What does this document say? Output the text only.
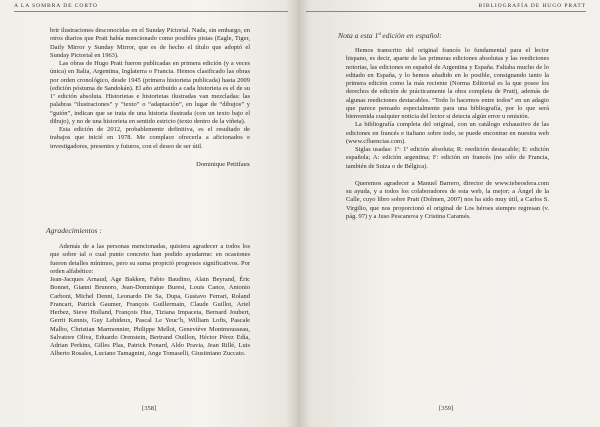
A LA SOMBRA DE CORTO

brir ilustraciones desconocidas en el Sunday Pictorial. Nada, sin embargo, en otros diarios que Pratt había mencionado como posibles pistas (Eagle, Tiger, Daily Mirror y Sunday Mirror, que es de hecho el título que adoptó el Sunday Pictorial en 1963).

Las obras de Hugo Pratt fueron publicadas en primera edición (y a veces única) en Italia, Argentina, Inglaterra o Francia. Hemos clasificado las obras por orden cronológico, desde 1945 (primera historieta publicada) hasta 2009 (edición póstuma de Sandokán). El año atribuido a cada historieta es el de su 1ª edición absoluta. Historietas e historietas ilustradas van mezcladas: las palabras “ilustraciones” y “texto” o “adaptación”, en lugar de “dibujos” y “guión”, indican que se trata de una historia ilustrada (con un texto bajo el dibujo), y no de una historieta en sentido estricto (texto dentro de la viñeta).

Esta edición de 2012, probablemente definitiva, es el resultado de trabajos que inicié en 1978. Me complace ofrecerla a aficionados e investigadores, presentes y futuros, con el deseo de ser útil.

Dominique Petitfaux

Agradecimientos :

Además de a las personas mencionadas, quisiera agradecer a todos los que sobre tal o cual punto concreto han podido ayudarme: en ocasiones fueron detalles mínimos, pero su suma propició progresos significativos. Por orden alfabético:

Jean-Jacques Arnaud, Age Bakken, Fabio Baudino, Alain Beyrand, Éric Bonnet, Gianni Brunoro, Jean-Dominique Buresi, Louis Cance, Antonio Carboni, Michel Denni, Leonardo De Sa, Dupa, Gustavo Ferrari, Roland Francart, Patrick Gaumer, François Guillermain, Claude Guillot, Ariel Herbez, Steve Holland, François Hue, Tiziana Impaceta, Bernard Joubert, Gerrit Kennis, Guy Lehideux, Pascal Le Yeuc’h, William Lofts, Pascale Malbo, Christian Marmonnier, Philippe Mellot, Geneviève Montmousseau, Salvatore Oliva, Eduardo Orenstein, Bertrand Ouillon, Héctor Pérez Edía, Adrian Perkins, Gilles Plas, Patrick Ponard, Aldo Pravia, Jean Rillé, Luis Alberto Rosales, Luciano Tamagnini, Ange Tomaselli, Giustiniano Zuccato.

[358]
BIBLIOGRAFÍA DE HUGO PRATT
Nota a esta 1ª edición en español:

Hemos transcrito del original francés lo fundamental para el lector hispano, es decir, aparte de las primeras ediciones absolutas y las reediciones notorias, las ediciones en español de Argentina y España. Faltaba mucho de lo editado en España, y lo hemos añadido en lo posible, consignando tanto la primera edición como la más reciente (Norma Editorial es la que posee los derechos de edición de prácticamente la obra completa de Pratt), además de algunas reediciones destacables. “Todo lo hacemos entre todos” en un adagio que parece pensado especialmente para una bibliografía, por lo que será bienvenida cualquier noticia del lector si detecta algún error u omisión.

La bibliografía completa del original, con un catálogo exhaustivo de las ediciones en francés e italiano sobre todo, se puede encontrar en nuestra web (www.cfluencias.com).

Siglas usadas: 1ª: 1ª edición absoluta; R: reedición destacable; E: edición española; A: edición argentina; F: edición en francés (no sólo de Francia, también de Suiza o de Bélgica).

Queremos agradecer a Manuel Barrero, director de www.tebeosfera.com su ayuda, y a todos los colaboradores de esta web, la mejor; a Ángel de la Calle, cuyo libro sobre Pratt (Dolmen, 2007) nos ha sido muy útil, a Carlos S. Virgilio, que nos proporcionó el original de Los héroes siempre regresan (v. pág. 97) y a Juso Pescanova y Cristina Caramés.

[359]
